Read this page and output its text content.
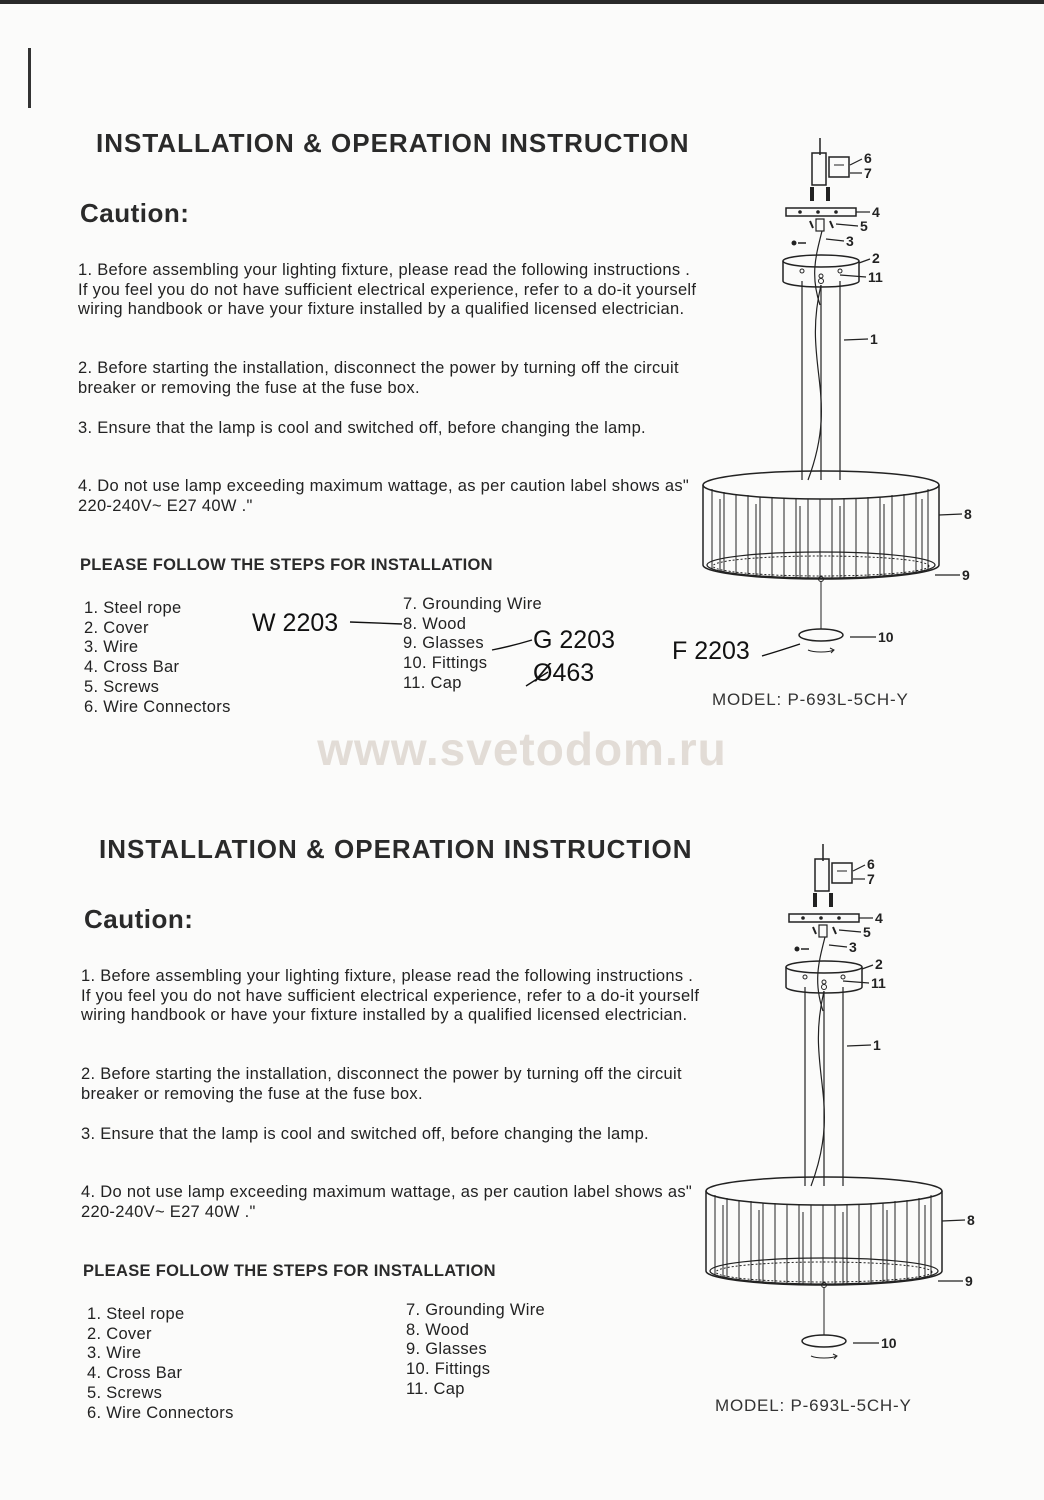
INSTALLATION & OPERATION INSTRUCTION
Caution:
1. Before assembling your lighting fixture, please read the following instructions . If you feel you do not have sufficient electrical experience, refer to a do-it yourself wiring handbook or have your fixture installed by a qualified licensed electrician.
2. Before starting the installation, disconnect the power by turning off the circuit breaker or removing the fuse at the fuse box.
3. Ensure that the lamp is cool and switched off, before changing the lamp.
4. Do not use lamp exceeding maximum wattage, as per caution label shows as" 220-240V~ E27 40W ."
PLEASE FOLLOW THE STEPS FOR INSTALLATION
1. Steel rope
2. Cover
3. Wire
4. Cross Bar
5. Screws
6. Wire Connectors
7. Grounding Wire
8. Wood
9. Glasses
10. Fittings
11. Cap
W 2203
G 2203
Ø463
F 2203
6
7
4
5
3
2
11
1
8
9
10
MODEL: P-693L-5CH-Y
www.svetodom.ru
INSTALLATION & OPERATION INSTRUCTION
Caution:
1. Before assembling your lighting fixture, please read the following instructions . If you feel you do not have sufficient electrical experience, refer to a do-it yourself wiring handbook or have your fixture installed by a qualified licensed electrician.
2. Before starting the installation, disconnect the power by turning off the circuit breaker or removing the fuse at the fuse box.
3. Ensure that the lamp is cool and switched off, before changing the lamp.
4. Do not use lamp exceeding maximum wattage, as per caution label shows as" 220-240V~ E27 40W ."
PLEASE FOLLOW THE STEPS FOR INSTALLATION
1. Steel rope
2. Cover
3. Wire
4. Cross Bar
5. Screws
6. Wire Connectors
7. Grounding Wire
8. Wood
9. Glasses
10. Fittings
11. Cap
6
7
4
5
3
2
11
1
8
9
10
MODEL: P-693L-5CH-Y
